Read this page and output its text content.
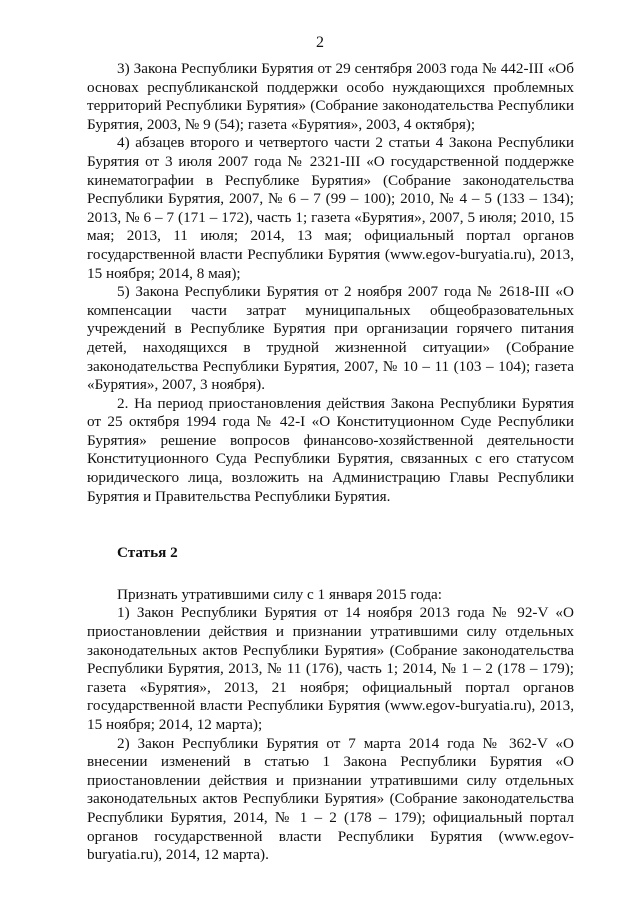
2

3) Закона Республики Бурятия от 29 сентября 2003 года № 442-III «Об основах республиканской поддержки особо нуждающихся проблемных территорий Республики Бурятия» (Собрание законодательства Республики Бурятия, 2003, № 9 (54); газета «Бурятия», 2003, 4 октября);

4) абзацев второго и четвертого части 2 статьи 4 Закона Республики Бурятия от 3 июля 2007 года № 2321-III «О государственной поддержке кинематографии в Республике Бурятия» (Собрание законодательства Республики Бурятия, 2007, № 6 – 7 (99 – 100); 2010, № 4 – 5 (133 – 134); 2013, № 6 – 7 (171 – 172), часть 1; газета «Бурятия», 2007, 5 июля; 2010, 15 мая; 2013, 11 июля; 2014, 13 мая; официальный портал органов государственной власти Республики Бурятия (www.egov-buryatia.ru), 2013, 15 ноября; 2014, 8 мая);

5) Закона Республики Бурятия от 2 ноября 2007 года № 2618-III «О компенсации части затрат муниципальных общеобразовательных учреждений в Республике Бурятия при организации горячего питания детей, находящихся в трудной жизненной ситуации» (Собрание законодательства Республики Бурятия, 2007, № 10 – 11 (103 – 104); газета «Бурятия», 2007, 3 ноября).

2. На период приостановления действия Закона Республики Бурятия от 25 октября 1994 года № 42-I «О Конституционном Суде Республики Бурятия» решение вопросов финансово-хозяйственной деятельности Конституционного Суда Республики Бурятия, связанных с его статусом юридического лица, возложить на Администрацию Главы Республики Бурятия и Правительства Республики Бурятия.

Статья 2

Признать утратившими силу с 1 января 2015 года:

1) Закон Республики Бурятия от 14 ноября 2013 года № 92-V «О приостановлении действия и признании утратившими силу отдельных законодательных актов Республики Бурятия» (Собрание законодательства Республики Бурятия, 2013, № 11 (176), часть 1; 2014, № 1 – 2 (178 – 179); газета «Бурятия», 2013, 21 ноября; официальный портал органов государственной власти Республики Бурятия (www.egov-buryatia.ru), 2013, 15 ноября; 2014, 12 марта);

2) Закон Республики Бурятия от 7 марта 2014 года № 362-V «О внесении изменений в статью 1 Закона Республики Бурятия «О приостановлении действия и признании утратившими силу отдельных законодательных актов Республики Бурятия» (Собрание законодательства Республики Бурятия, 2014, № 1 – 2 (178 – 179); официальный портал органов государственной власти Республики Бурятия (www.egov-buryatia.ru), 2014, 12 марта).
